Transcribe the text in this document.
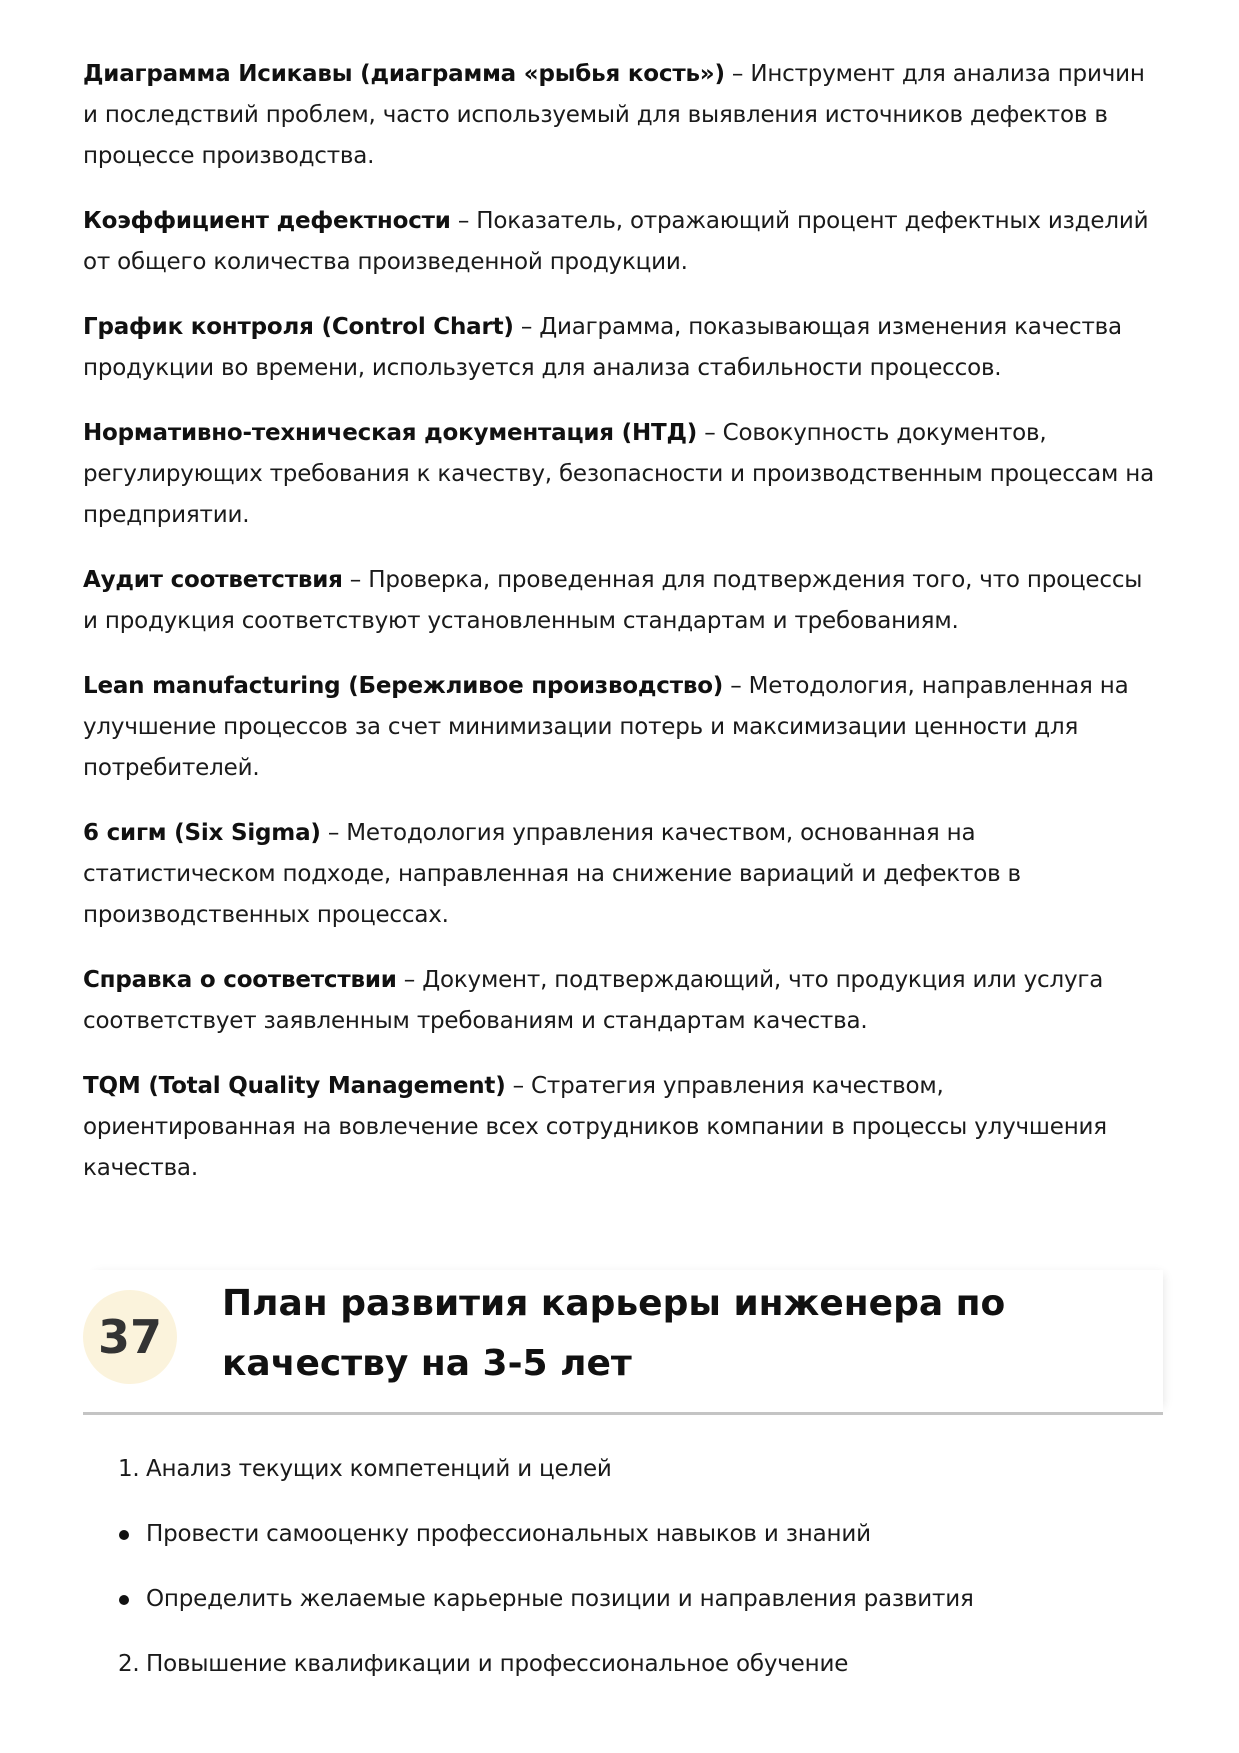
Диаграмма Исикавы (диаграмма «рыбья кость») – Инструмент для анализа причин и последствий проблем, часто используемый для выявления источников дефектов в процессе производства.

Коэффициент дефектности – Показатель, отражающий процент дефектных изделий от общего количества произведенной продукции.

График контроля (Control Chart) – Диаграмма, показывающая изменения качества продукции во времени, используется для анализа стабильности процессов.

Нормативно-техническая документация (НТД) – Совокупность документов, регулирующих требования к качеству, безопасности и производственным процессам на предприятии.

Аудит соответствия – Проверка, проведенная для подтверждения того, что процессы и продукция соответствуют установленным стандартам и требованиям.

Lean manufacturing (Бережливое производство) – Методология, направленная на улучшение процессов за счет минимизации потерь и максимизации ценности для потребителей.

6 сигм (Six Sigma) – Методология управления качеством, основанная на статистическом подходе, направленная на снижение вариаций и дефектов в производственных процессах.

Справка о соответствии – Документ, подтверждающий, что продукция или услуга соответствует заявленным требованиям и стандартам качества.

TQM (Total Quality Management) – Стратегия управления качеством, ориентированная на вовлечение всех сотрудников компании в процессы улучшения качества.

37
План развития карьеры инженера по качеству на 3-5 лет
1. Анализ текущих компетенций и целей
Провести самооценку профессиональных навыков и знаний
Определить желаемые карьерные позиции и направления развития
2. Повышение квалификации и профессиональное обучение
